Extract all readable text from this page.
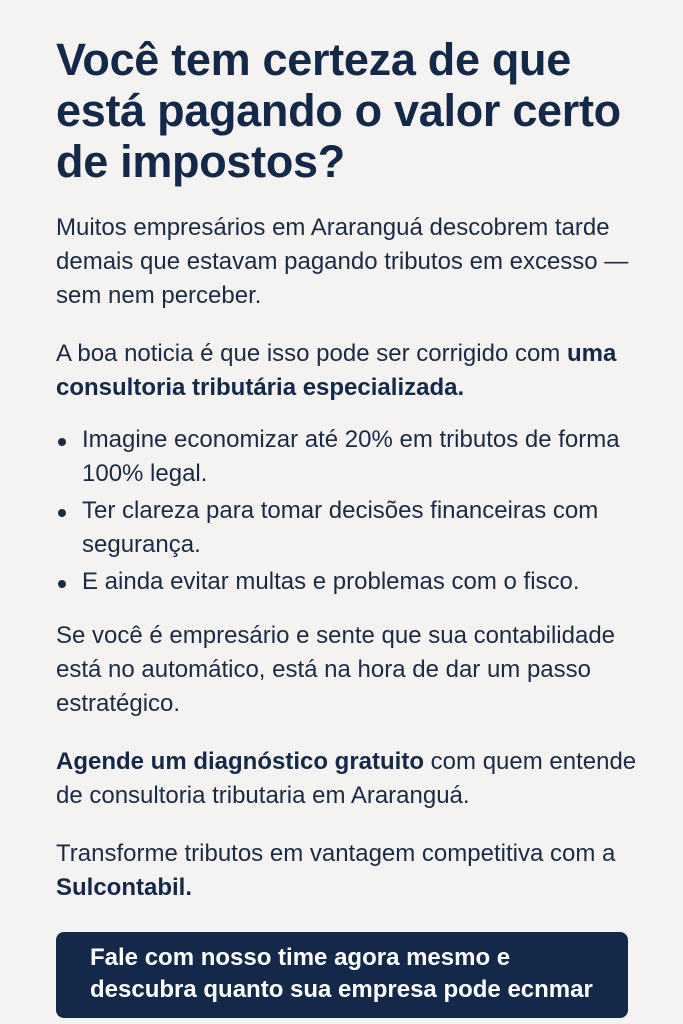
Você tem certeza de que está pagando o valor certo de impostos?

Muitos empresários em Araranguá descobrem tarde demais que estavam pagando tributos em excesso — sem nem perceber.

A boa noticia é que isso pode ser corrigido com uma consultoria tributária especializada.

Imagine economizar até 20% em tributos de forma 100% legal.
Ter clareza para tomar decisões financeiras com segurança.
E ainda evitar multas e problemas com o fisco.

Se você é empresário e sente que sua contabilidade está no automático, está na hora de dar um passo estratégico.

Agende um diagnóstico gratuito com quem entende de consultoria tributaria em Araranguá.

Transforme tributos em vantagem competitiva com a Sulcontabil.

Fale com nosso time agora mesmo e
descubra quanto sua empresa pode ecnmar
